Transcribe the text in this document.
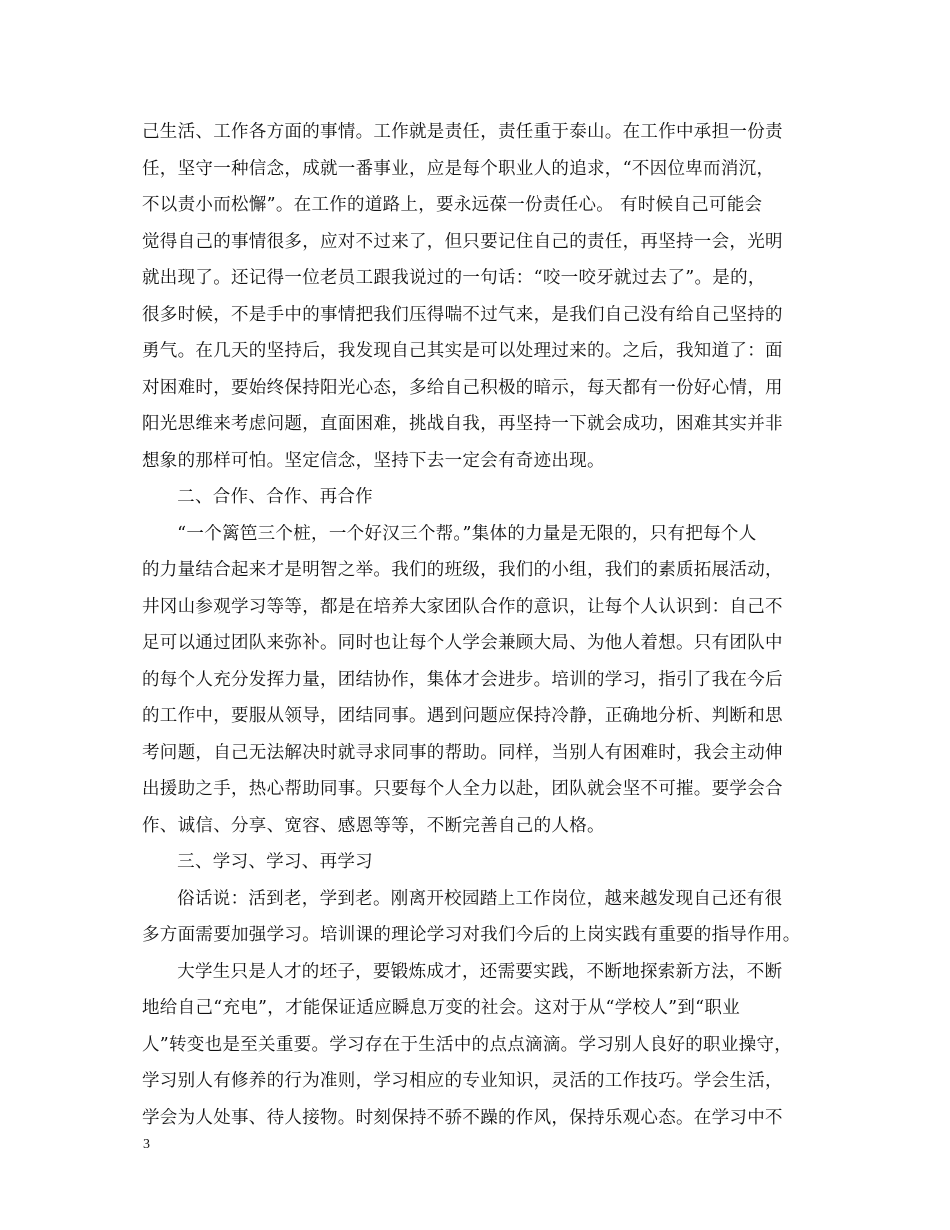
己生活、工作各方面的事情。工作就是责任，责任重于泰山。在工作中承担一份责
任，坚守一种信念，成就一番事业，应是每个职业人的追求，“不因位卑而消沉，
不以责小而松懈”。在工作的道路上，要永远葆一份责任心。 有时候自己可能会
觉得自己的事情很多，应对不过来了，但只要记住自己的责任，再坚持一会，光明
就出现了。还记得一位老员工跟我说过的一句话：“咬一咬牙就过去了”。是的，
很多时候，不是手中的事情把我们压得喘不过气来，是我们自己没有给自己坚持的
勇气。在几天的坚持后，我发现自己其实是可以处理过来的。之后，我知道了：面
对困难时，要始终保持阳光心态，多给自己积极的暗示，每天都有一份好心情，用
阳光思维来考虑问题，直面困难，挑战自我，再坚持一下就会成功，困难其实并非
想象的那样可怕。坚定信念，坚持下去一定会有奇迹出现。
二、合作、合作、再合作
“一个篱笆三个桩，一个好汉三个帮。”集体的力量是无限的，只有把每个人
的力量结合起来才是明智之举。我们的班级，我们的小组，我们的素质拓展活动，
井冈山参观学习等等，都是在培养大家团队合作的意识，让每个人认识到：自己不
足可以通过团队来弥补。同时也让每个人学会兼顾大局、为他人着想。只有团队中
的每个人充分发挥力量，团结协作，集体才会进步。培训的学习，指引了我在今后
的工作中，要服从领导，团结同事。遇到问题应保持冷静，正确地分析、判断和思
考问题，自己无法解决时就寻求同事的帮助。同样，当别人有困难时，我会主动伸
出援助之手，热心帮助同事。只要每个人全力以赴，团队就会坚不可摧。要学会合
作、诚信、分享、宽容、感恩等等，不断完善自己的人格。
三、学习、学习、再学习
俗话说：活到老，学到老。刚离开校园踏上工作岗位，越来越发现自己还有很
多方面需要加强学习。培训课的理论学习对我们今后的上岗实践有重要的指导作用。
大学生只是人才的坯子，要锻炼成才，还需要实践，不断地探索新方法，不断
地给自己“充电”，才能保证适应瞬息万变的社会。这对于从“学校人”到“职业
人”转变也是至关重要。学习存在于生活中的点点滴滴。学习别人良好的职业操守，
学习别人有修养的行为准则，学习相应的专业知识，灵活的工作技巧。学会生活，
学会为人处事、待人接物。时刻保持不骄不躁的作风，保持乐观心态。在学习中不
3
